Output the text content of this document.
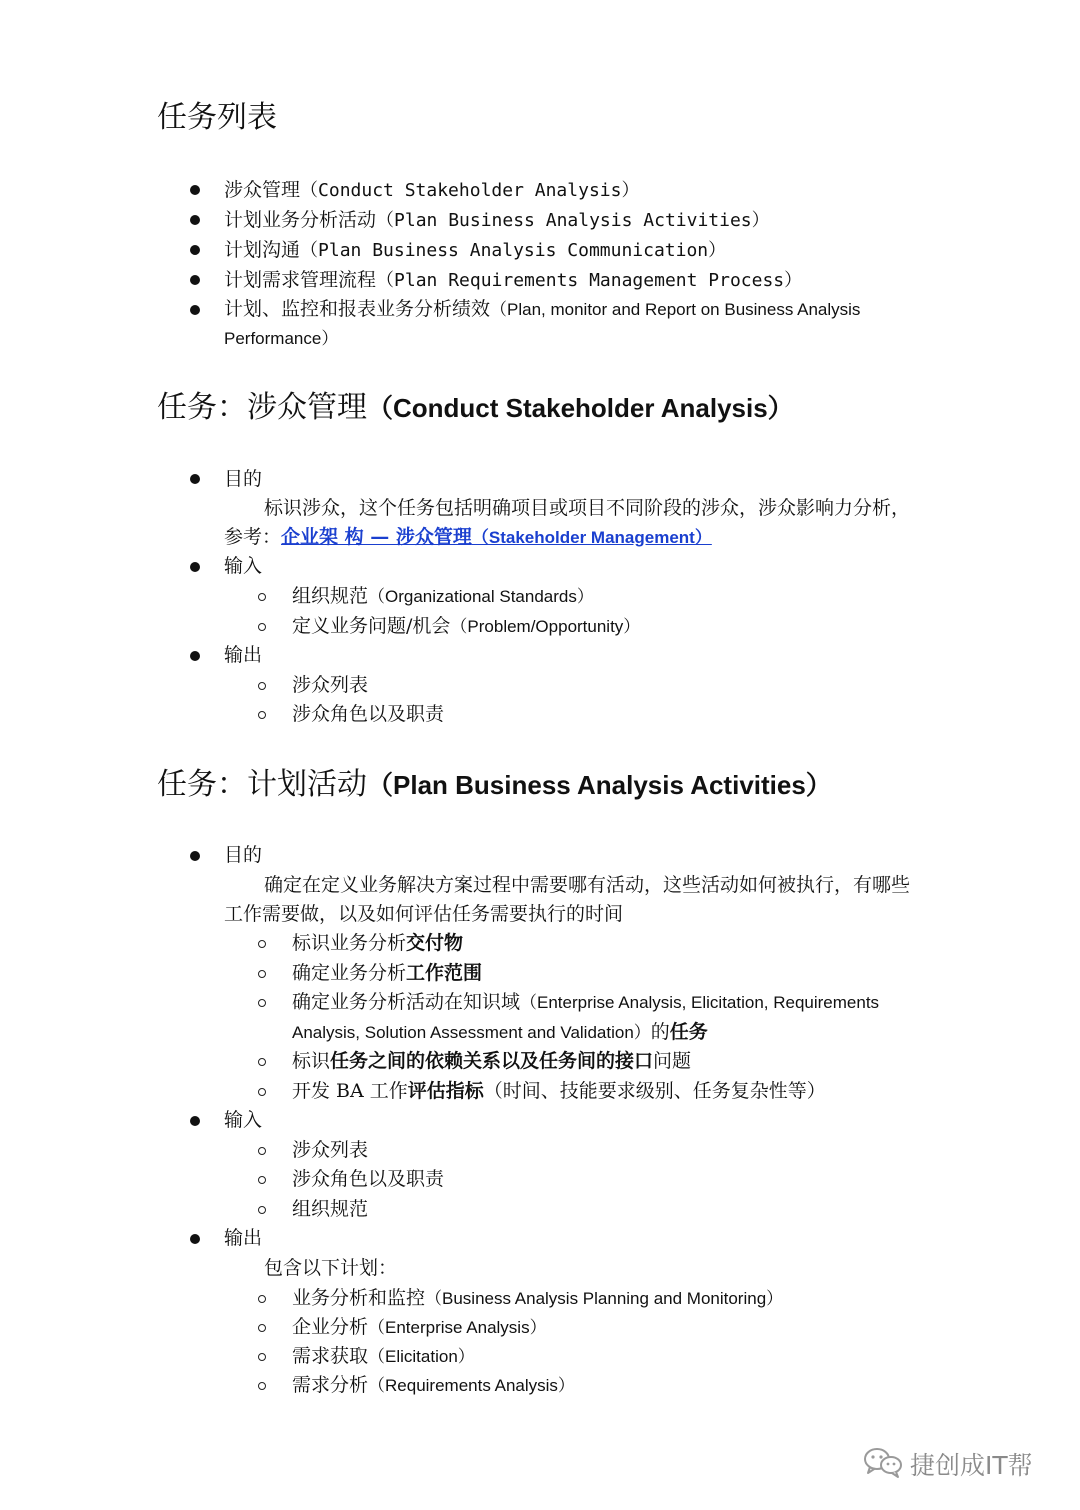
任务列表
涉众管理（Conduct Stakeholder Analysis）
计划业务分析活动（Plan Business Analysis Activities）
计划沟通（Plan Business Analysis Communication）
计划需求管理流程（Plan Requirements Management Process）
计划、监控和报表业务分析绩效（Plan, monitor and Report on Business Analysis
Performance）
任务：涉众管理（Conduct Stakeholder Analysis）
目的
标识涉众，这个任务包括明确项目或项目不同阶段的涉众，涉众影响力分析，
参考：企业架 构 — 涉众管理（Stakeholder Management）
输入
组织规范（Organizational Standards）
定义业务问题/机会（Problem/Opportunity）
输出
涉众列表
涉众角色以及职责
任务：计划活动（Plan Business Analysis Activities）
目的
确定在定义业务解决方案过程中需要哪有活动，这些活动如何被执行，有哪些
工作需要做，以及如何评估任务需要执行的时间
标识业务分析交付物
确定业务分析工作范围
确定业务分析活动在知识域（Enterprise Analysis, Elicitation, Requirements
Analysis, Solution Assessment and Validation）的任务
标识任务之间的依赖关系以及任务间的接口问题
开发 BA 工作评估指标（时间、技能要求级别、任务复杂性等）
输入
涉众列表
涉众角色以及职责
组织规范
输出
包含以下计划：
业务分析和监控（Business Analysis Planning and Monitoring）
企业分析（Enterprise Analysis）
需求获取（Elicitation）
需求分析（Requirements Analysis）
捷创成IT帮
